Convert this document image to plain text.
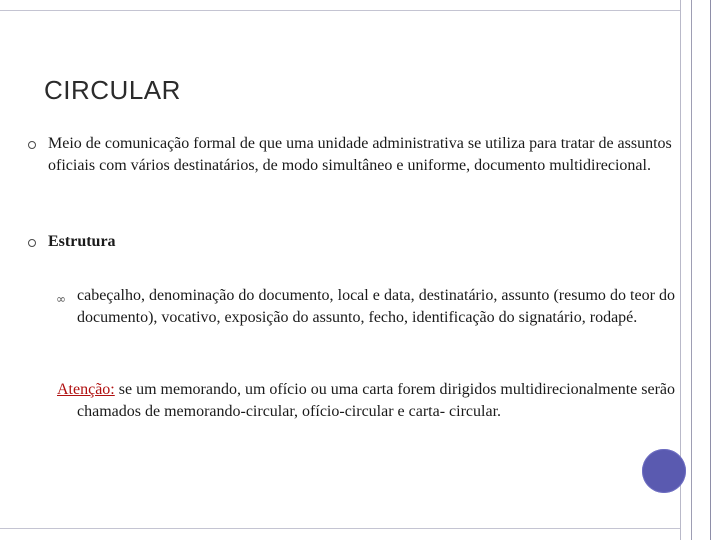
CIRCULAR
Meio de comunicação formal de que uma unidade administrativa se utiliza para tratar de assuntos oficiais com vários destinatários, de modo simultâneo e uniforme, documento multidirecional.
Estrutura
∞ cabeçalho, denominação do documento, local e data, destinatário, assunto (resumo do teor do documento), vocativo, exposição do assunto, fecho, identificação do signatário, rodapé.
Atenção: se um memorando, um ofício ou uma carta forem dirigidos multidirecionalmente serão chamados de memorando-circular, ofício-circular e carta- circular.
